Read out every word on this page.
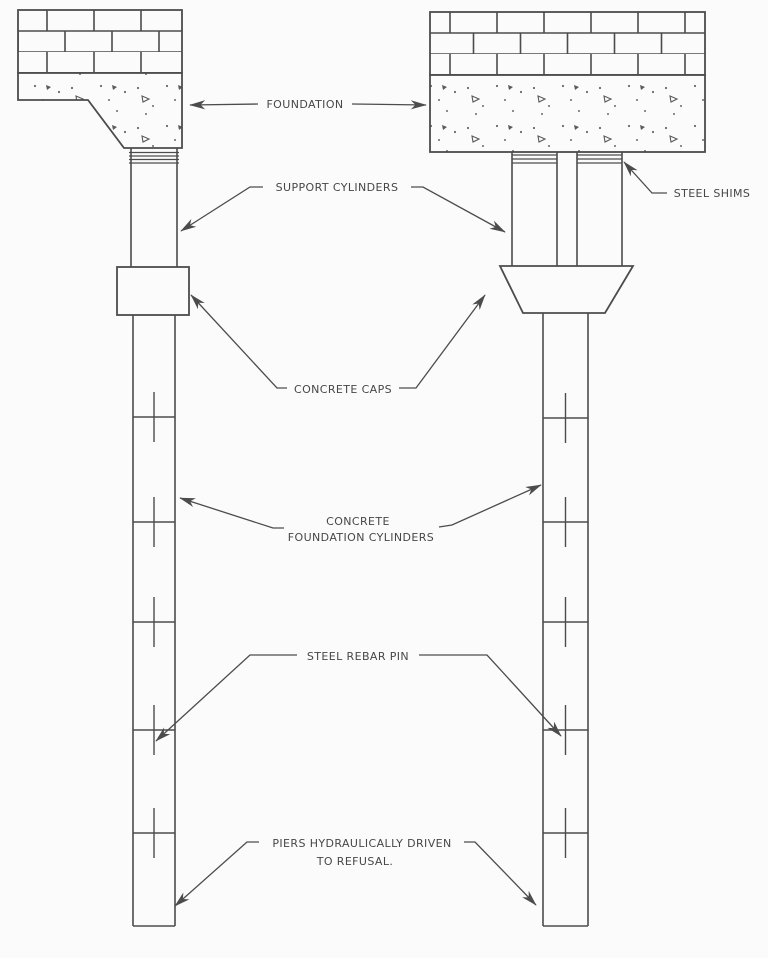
FOUNDATION
SUPPORT CYLINDERS	STEEL SHIMS
CONCRETE CAPS
CONCRETE
FOUNDATION CYLINDERS
STEEL REBAR PIN
PIERS HYDRAULICALLY DRIVEN
TO REFUSAL.
